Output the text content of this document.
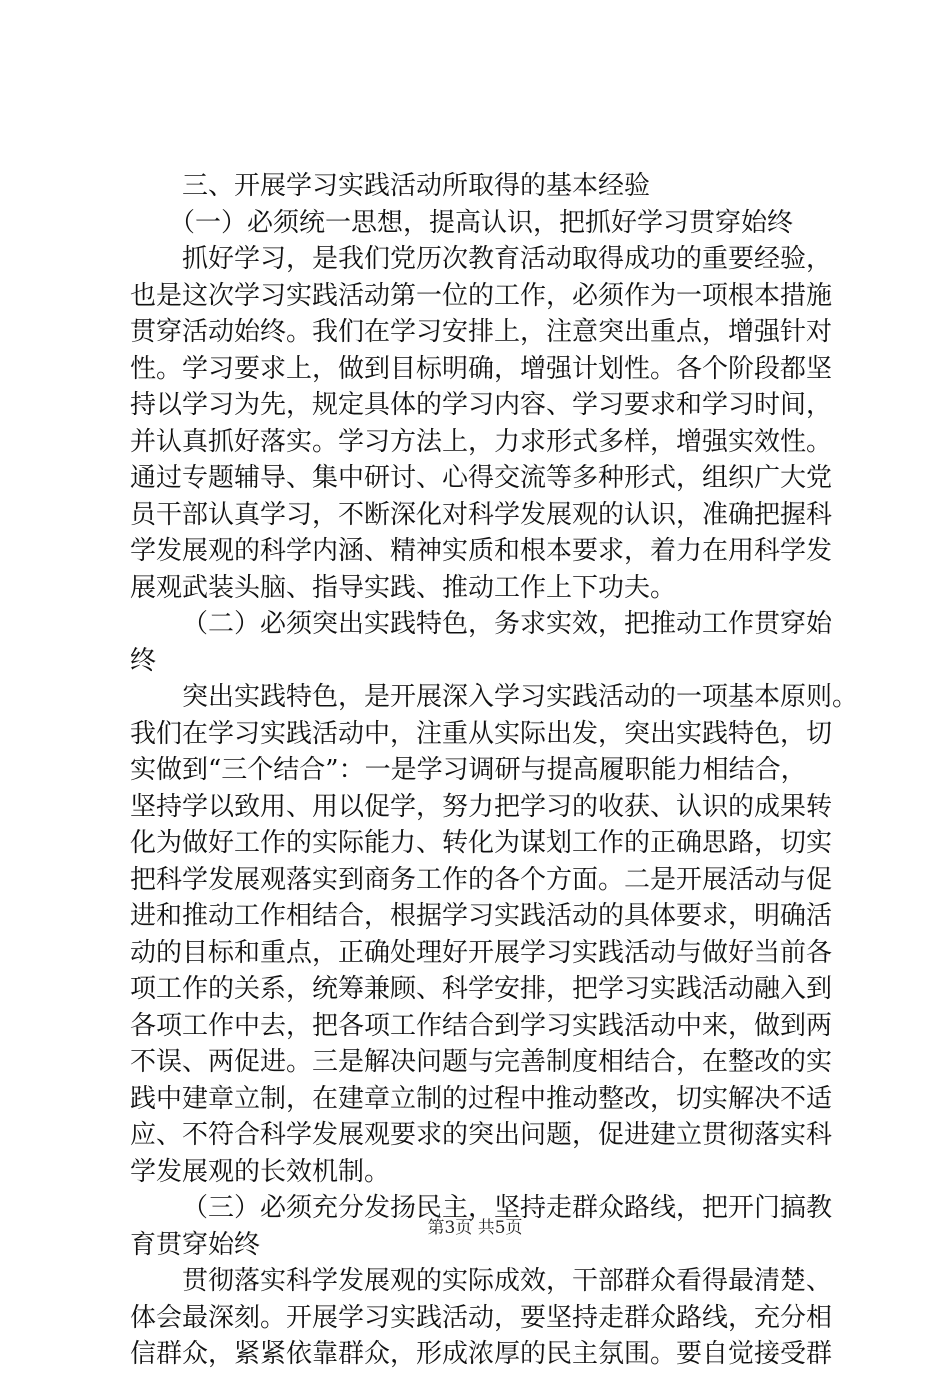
三、开展学习实践活动所取得的基本经验
（一）必须统一思想，提高认识，把抓好学习贯穿始终
抓好学习，是我们党历次教育活动取得成功的重要经验，
也是这次学习实践活动第一位的工作，必须作为一项根本措施
贯穿活动始终。我们在学习安排上，注意突出重点，增强针对
性。学习要求上，做到目标明确，增强计划性。各个阶段都坚
持以学习为先，规定具体的学习内容、学习要求和学习时间，
并认真抓好落实。学习方法上，力求形式多样，增强实效性。
通过专题辅导、集中研讨、心得交流等多种形式，组织广大党
员干部认真学习，不断深化对科学发展观的认识，准确把握科
学发展观的科学内涵、精神实质和根本要求，着力在用科学发
展观武装头脑、指导实践、推动工作上下功夫。
（二）必须突出实践特色，务求实效，把推动工作贯穿始
终
突出实践特色，是开展深入学习实践活动的一项基本原则。
我们在学习实践活动中，注重从实际出发，突出实践特色，切
实做到“三个结合”：一是学习调研与提高履职能力相结合，
坚持学以致用、用以促学，努力把学习的收获、认识的成果转
化为做好工作的实际能力、转化为谋划工作的正确思路，切实
把科学发展观落实到商务工作的各个方面。二是开展活动与促
进和推动工作相结合，根据学习实践活动的具体要求，明确活
动的目标和重点，正确处理好开展学习实践活动与做好当前各
项工作的关系，统筹兼顾、科学安排，把学习实践活动融入到
各项工作中去，把各项工作结合到学习实践活动中来，做到两
不误、两促进。三是解决问题与完善制度相结合，在整改的实
践中建章立制，在建章立制的过程中推动整改，切实解决不适
应、不符合科学发展观要求的突出问题，促进建立贯彻落实科
学发展观的长效机制。
（三）必须充分发扬民主，坚持走群众路线，把开门搞教
育贯穿始终
贯彻落实科学发展观的实际成效，干部群众看得最清楚、
体会最深刻。开展学习实践活动，要坚持走群众路线，充分相
信群众，紧紧依靠群众，形成浓厚的民主氛围。要自觉接受群
第3页 共5页
